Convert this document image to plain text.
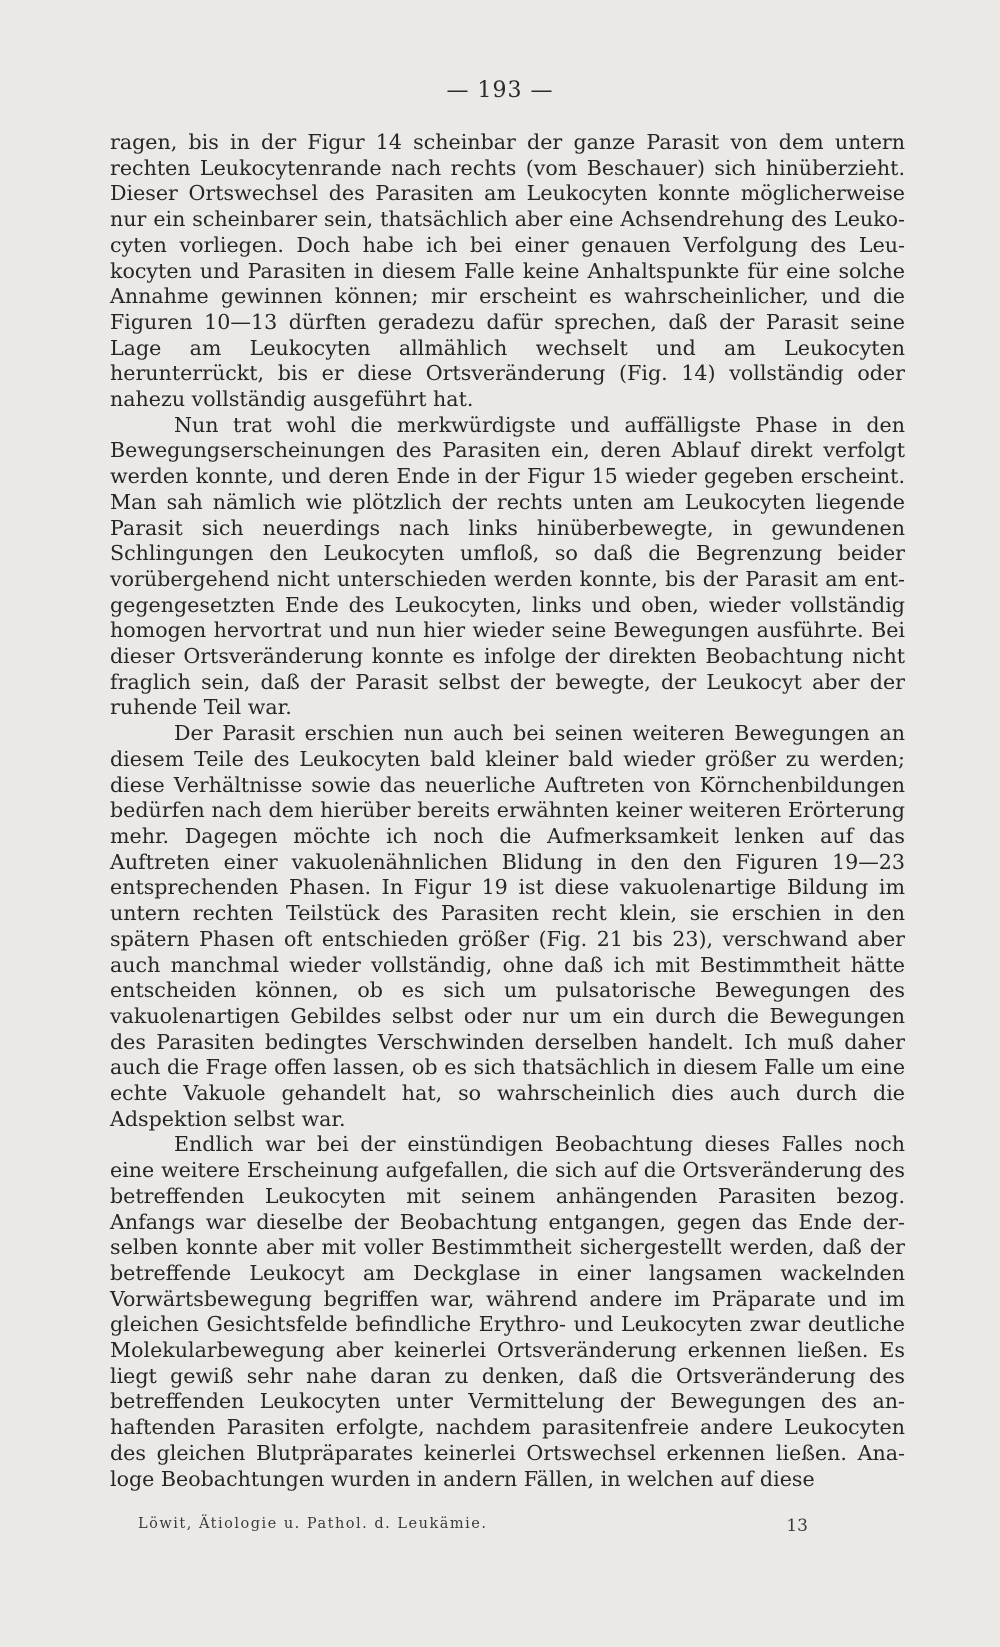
— 193 —

ragen, bis in der Figur 14 scheinbar der ganze Parasit von dem untern rechten Leukocytenrande nach rechts (vom Beschauer) sich hinüberzieht. Dieser Ortswechsel des Parasiten am Leukocyten konnte möglicherweise nur ein scheinbarer sein, thatsächlich aber eine Achsendrehung des Leukocyten vorliegen. Doch habe ich bei einer genauen Verfolgung des Leukocyten und Parasiten in diesem Falle keine Anhaltspunkte für eine solche Annahme gewinnen können; mir erscheint es wahrscheinlicher, und die Figuren 10—13 dürften geradezu dafür sprechen, daß der Parasit seine Lage am Leukocyten allmählich wechselt und am Leukocyten herunterrückt, bis er diese Ortsveränderung (Fig. 14) vollständig oder nahezu vollständig ausgeführt hat.

Nun trat wohl die merkwürdigste und auffälligste Phase in den Bewegungserscheinungen des Parasiten ein, deren Ablauf direkt verfolgt werden konnte, und deren Ende in der Figur 15 wieder gegeben erscheint. Man sah nämlich wie plötzlich der rechts unten am Leukocyten liegende Parasit sich neuerdings nach links hinüberbewegte, in gewundenen Schlingungen den Leukocyten umfloß, so daß die Begrenzung beider vorübergehend nicht unterschieden werden konnte, bis der Parasit am entgegengesetzten Ende des Leukocyten, links und oben, wieder vollständig homogen hervortrat und nun hier wieder seine Bewegungen ausführte. Bei dieser Ortsveränderung konnte es infolge der direkten Beobachtung nicht fraglich sein, daß der Parasit selbst der bewegte, der Leukocyt aber der ruhende Teil war.

Der Parasit erschien nun auch bei seinen weiteren Bewegungen an diesem Teile des Leukocyten bald kleiner bald wieder größer zu werden; diese Verhältnisse sowie das neuerliche Auftreten von Körnchenbildungen bedürfen nach dem hierüber bereits erwähnten keiner weiteren Erörterung mehr. Dagegen möchte ich noch die Aufmerksamkeit lenken auf das Auftreten einer vakuolenähnlichen Blidung in den den Figuren 19—23 entsprechenden Phasen. In Figur 19 ist diese vakuolenartige Bildung im untern rechten Teilstück des Parasiten recht klein, sie erschien in den spätern Phasen oft entschieden größer (Fig. 21 bis 23), verschwand aber auch manchmal wieder vollständig, ohne daß ich mit Bestimmtheit hätte entscheiden können, ob es sich um pulsatorische Bewegungen des vakuolenartigen Gebildes selbst oder nur um ein durch die Bewegungen des Parasiten bedingtes Verschwinden derselben handelt. Ich muß daher auch die Frage offen lassen, ob es sich thatsächlich in diesem Falle um eine echte Vakuole gehandelt hat, so wahrscheinlich dies auch durch die Adspektion selbst war.

Endlich war bei der einstündigen Beobachtung dieses Falles noch eine weitere Erscheinung aufgefallen, die sich auf die Ortsveränderung des betreffenden Leukocyten mit seinem anhängenden Parasiten bezog. Anfangs war dieselbe der Beobachtung entgangen, gegen das Ende derselben konnte aber mit voller Bestimmtheit sichergestellt werden, daß der betreffende Leukocyt am Deckglase in einer langsamen wackelnden Vorwärtsbewegung begriffen war, während andere im Präparate und im gleichen Gesichtsfelde befindliche Erythro- und Leukocyten zwar deutliche Molekularbewegung aber keinerlei Ortsveränderung erkennen ließen. Es liegt gewiß sehr nahe daran zu denken, daß die Ortsveränderung des betreffenden Leukocyten unter Vermittelung der Bewegungen des anhaftenden Parasiten erfolgte, nachdem parasitenfreie andere Leukocyten des gleichen Blutpräparates keinerlei Ortswechsel erkennen ließen. Analoge Beobachtungen wurden in andern Fällen, in welchen auf diese

Löwit, Ätiologie u. Pathol. d. Leukämie.	13
